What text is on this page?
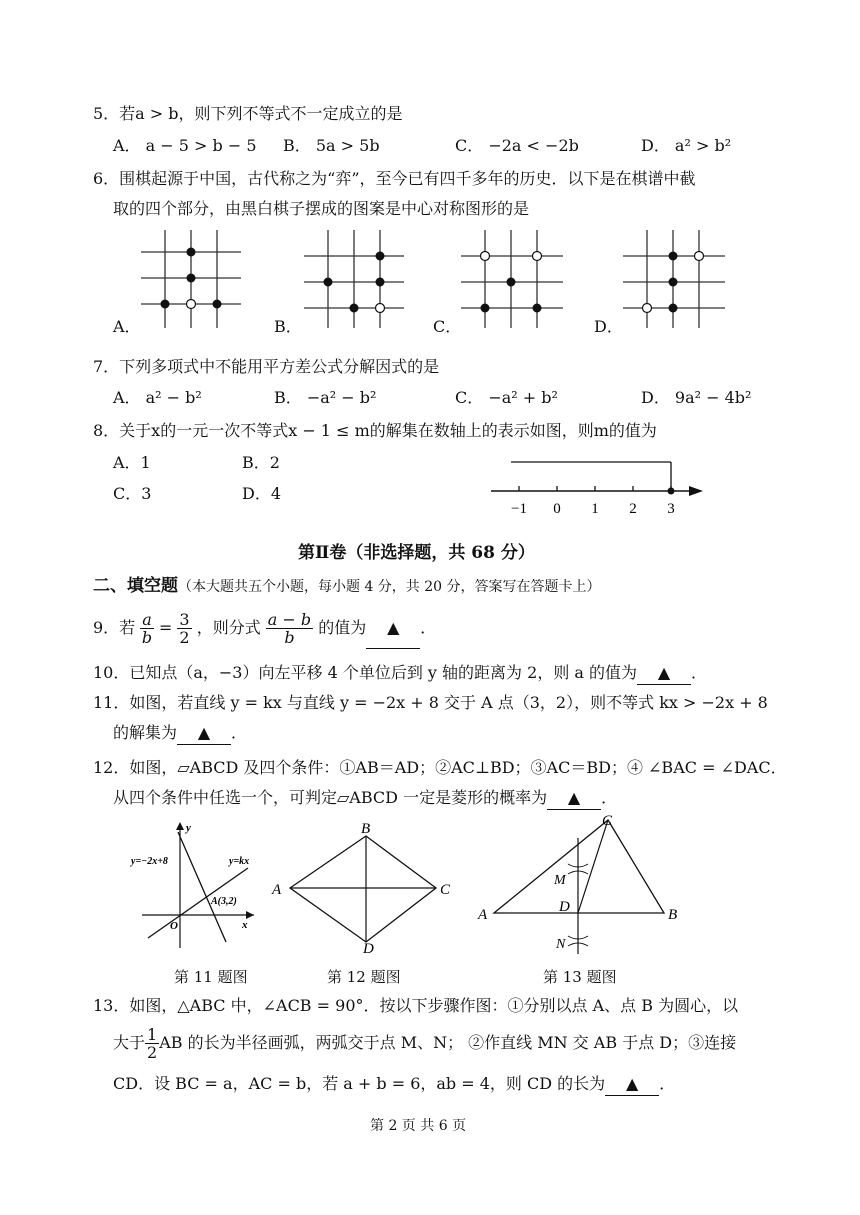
5．若a > b，则下列不等式不一定成立的是
A． a − 5 > b − 5 B． 5a > 5b	C． −2a < −2b	D． a² > b²
6．围棋起源于中国，古代称之为“弈”，至今已有四千多年的历史．以下是在棋谱中截
取的四个部分，由黑白棋子摆成的图案是中心对称图形的是
A．	B．	C．	D．
7．下列多项式中不能用平方差公式分解因式的是
A． a² − b²	B． −a² − b²	C． −a² + b²	D． 9a² − 4b²
8．关于x的一元一次不等式x − 1 ≤ m的解集在数轴上的表示如图，则m的值为
A．1	B．2
C．3	D．4
−1 0 1 2 3
第Ⅱ卷（非选择题，共 68 分）
二、填空题（本大题共五个小题，每小题 4 分，共 20 分，答案写在答题卡上）
9．若 $\frac{a}{b} = \frac{3}{2}$ ，则分式 $\frac{a - b}{b}$ 的值为 ▲ ．
10．已知点（a，−3）向左平移 4 个单位后到 y 轴的距离为 2，则 a 的值为 ▲ ．
11．如图，若直线 y = kx 与直线 y = −2x + 8 交于 A 点（3，2），则不等式 kx > −2x + 8
的解集为 ▲ ．
12．如图，▱ABCD 及四个条件：①AB＝AD；②AC⊥BD；③AC＝BD；④ ∠BAC = ∠DAC．
从四个条件中任选一个，可判定▱ABCD 一定是菱形的概率为 ▲ ．
y
x
y=−2x+8	y=kx
A(3,2)
O
A
B
C
D
A	B
C
D
M
N
第 11 题图	第 12 题图	第 13 题图
13．如图，△ABC 中，∠ACB = 90°．按以下步骤作图：①分别以点 A、点 B 为圆心，以
大于 $\frac{1}{2}$ AB 的长为半径画弧，两弧交于点 M、N； ②作直线 MN 交 AB 于点 D；③连接
CD．设 BC = a，AC = b，若 a + b = 6，ab = 4，则 CD 的长为 ▲ ．
第 2 页 共 6 页
